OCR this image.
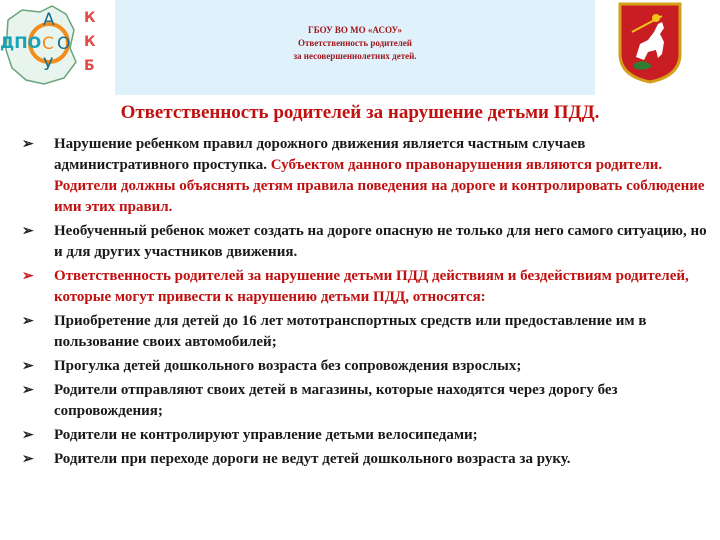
К
К
Б
ДПО
А
С О
У
ГБОУ ВО МО «АСОУ»
Ответственность родителей
за несовершеннолетних детей.
Ответственность родителей за нарушение детьми ПДД.
➢ Нарушение ребенком правил дорожного движения является частным случаев административного проступка. Субъектом данного правонарушения являются родители. Родители должны объяснять детям правила поведения на дороге и контролировать соблюдение ими этих правил.
➢ Необученный ребенок может создать на дороге опасную не только для него самого ситуацию, но и для других участников движения.
➢ Ответственность родителей за нарушение детьми ПДД действиям и бездействиям родителей, которые могут привести к нарушению детьми ПДД, относятся:
➢ Приобретение для детей до 16 лет мототранспортных средств или предоставление им в пользование своих автомобилей;
➢ Прогулка детей дошкольного возраста без сопровождения взрослых;
➢ Родители отправляют своих детей в магазины, которые находятся через дорогу без сопровождения;
➢ Родители не контролируют управление детьми велосипедами;
➢ Родители при переходе дороги не ведут детей дошкольного возраста за руку.
